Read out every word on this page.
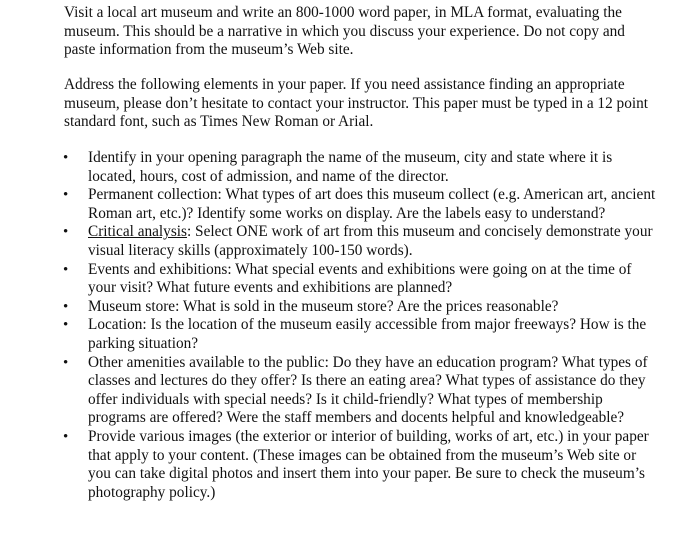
Visit a local art museum and write an 800-1000 word paper, in MLA format, evaluating the museum. This should be a narrative in which you discuss your experience. Do not copy and paste information from the museum’s Web site.

Address the following elements in your paper. If you need assistance finding an appropriate museum, please don’t hesitate to contact your instructor. This paper must be typed in a 12 point standard font, such as Times New Roman or Arial.

•	Identify in your opening paragraph the name of the museum, city and state where it is located, hours, cost of admission, and name of the director.
•	Permanent collection: What types of art does this museum collect (e.g. American art, ancient Roman art, etc.)? Identify some works on display. Are the labels easy to understand?
•	Critical analysis: Select ONE work of art from this museum and concisely demonstrate your visual literacy skills (approximately 100-150 words).
•	Events and exhibitions: What special events and exhibitions were going on at the time of your visit? What future events and exhibitions are planned?
•	Museum store: What is sold in the museum store? Are the prices reasonable?
•	Location: Is the location of the museum easily accessible from major freeways? How is the parking situation?
•	Other amenities available to the public: Do they have an education program? What types of classes and lectures do they offer? Is there an eating area? What types of assistance do they offer individuals with special needs? Is it child-friendly? What types of membership programs are offered? Were the staff members and docents helpful and knowledgeable?
•	Provide various images (the exterior or interior of building, works of art, etc.) in your paper that apply to your content. (These images can be obtained from the museum’s Web site or you can take digital photos and insert them into your paper. Be sure to check the museum’s photography policy.)
